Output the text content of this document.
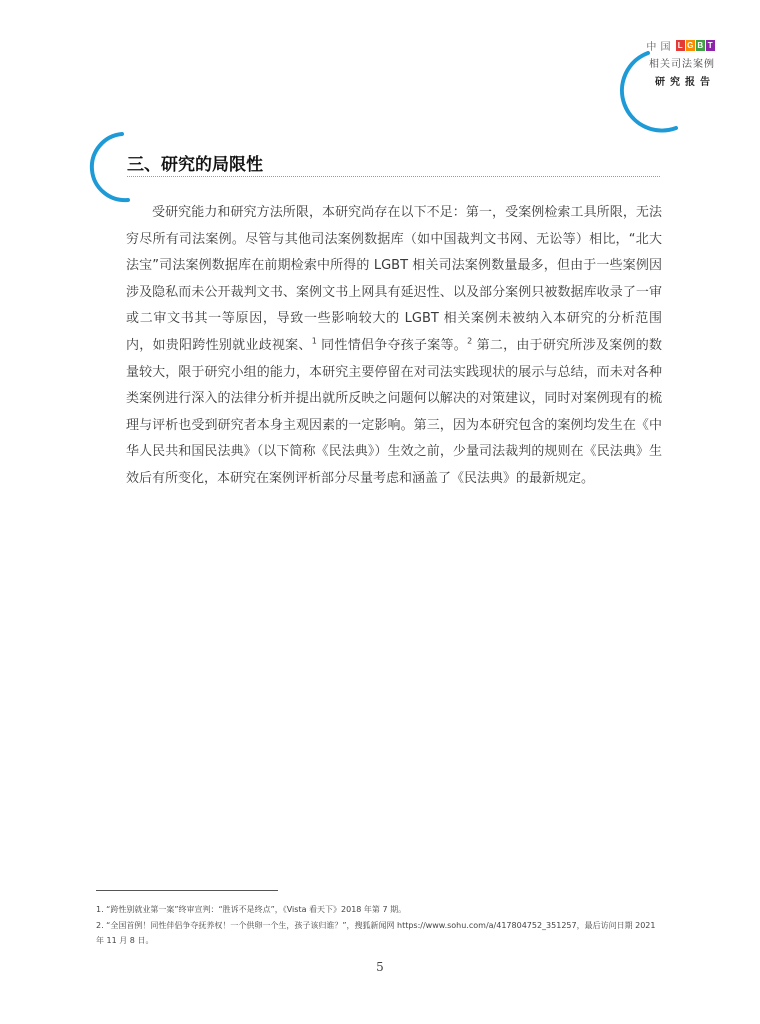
中 国 L G B T
相关司法案例
研究报告
三、研究的局限性

受研究能力和研究方法所限，本研究尚存在以下不足：第一，受案例检索工具所限，无法穷尽所有司法案例。尽管与其他司法案例数据库（如中国裁判文书网、无讼等）相比，“北大法宝”司法案例数据库在前期检索中所得的 LGBT 相关司法案例数量最多，但由于一些案例因涉及隐私而未公开裁判文书、案例文书上网具有延迟性、以及部分案例只被数据库收录了一审或二审文书其一等原因，导致一些影响较大的 LGBT 相关案例未被纳入本研究的分析范围内，如贵阳跨性别就业歧视案、$^1$ 同性情侣争夺孩子案等。$^2$ 第二，由于研究所涉及案例的数量较大，限于研究小组的能力，本研究主要停留在对司法实践现状的展示与总结，而未对各种类案例进行深入的法律分析并提出就所反映之问题何以解决的对策建议，同时对案例现有的梳理与评析也受到研究者本身主观因素的一定影响。第三，因为本研究包含的案例均发生在《中华人民共和国民法典》（以下简称《民法典》）生效之前，少量司法裁判的规则在《民法典》生效后有所变化，本研究在案例评析部分尽量考虑和涵盖了《民法典》的最新规定。

1. “跨性别就业第一案”终审宣判：“胜诉不是终点”，《Vista 看天下》2018 年第 7 期。

2. “全国首例！同性伴侣争夺抚养权！一个供卵一个生，孩子该归谁？”，搜狐新闻网 https://www.sohu.com/a/417804752_351257，最后访问日期 2021 年 11 月 8 日。

5
